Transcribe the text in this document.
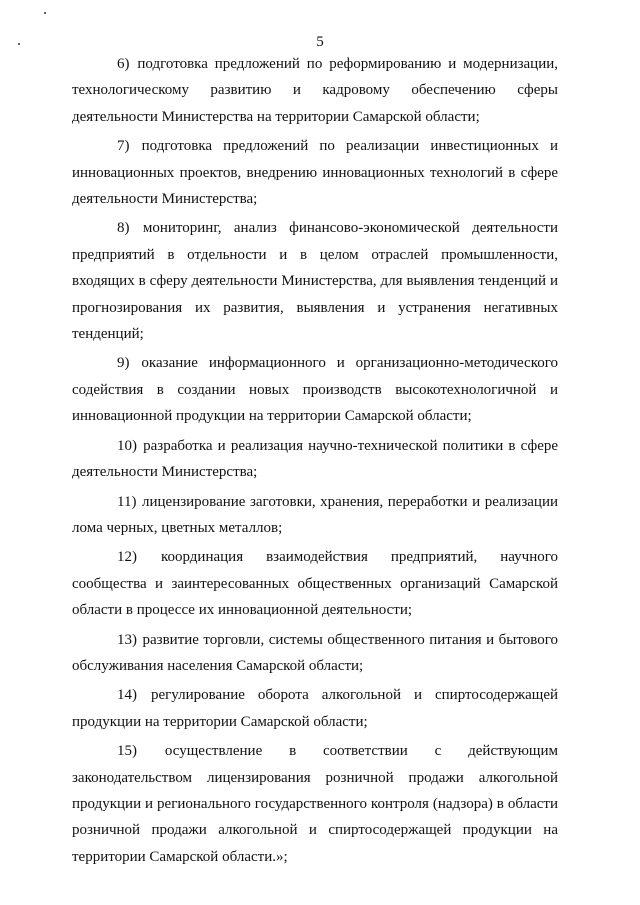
5

6) подготовка предложений по реформированию и модернизации, технологическому развитию и кадровому обеспечению сферы деятельности Министерства на территории Самарской области;

7) подготовка предложений по реализации инвестиционных и инновационных проектов, внедрению инновационных технологий в сфере деятельности Министерства;

8) мониторинг, анализ финансово-экономической деятельности предприятий в отдельности и в целом отраслей промышленности, входящих в сферу деятельности Министерства, для выявления тенденций и прогнозирования их развития, выявления и устранения негативных тенденций;

9) оказание информационного и организационно-методического содействия в создании новых производств высокотехнологичной и инновационной продукции на территории Самарской области;

10) разработка и реализация научно-технической политики в сфере деятельности Министерства;

11) лицензирование заготовки, хранения, переработки и реализации лома черных, цветных металлов;

12) координация взаимодействия предприятий, научного сообщества и заинтересованных общественных организаций Самарской области в процессе их инновационной деятельности;

13) развитие торговли, системы общественного питания и бытового обслуживания населения Самарской области;

14) регулирование оборота алкогольной и спиртосодержащей продукции на территории Самарской области;

15) осуществление в соответствии с действующим законодательством лицензирования розничной продажи алкогольной продукции и регионального государственного контроля (надзора) в области розничной продажи алкогольной и спиртосодержащей продукции на территории Самарской области.»;
